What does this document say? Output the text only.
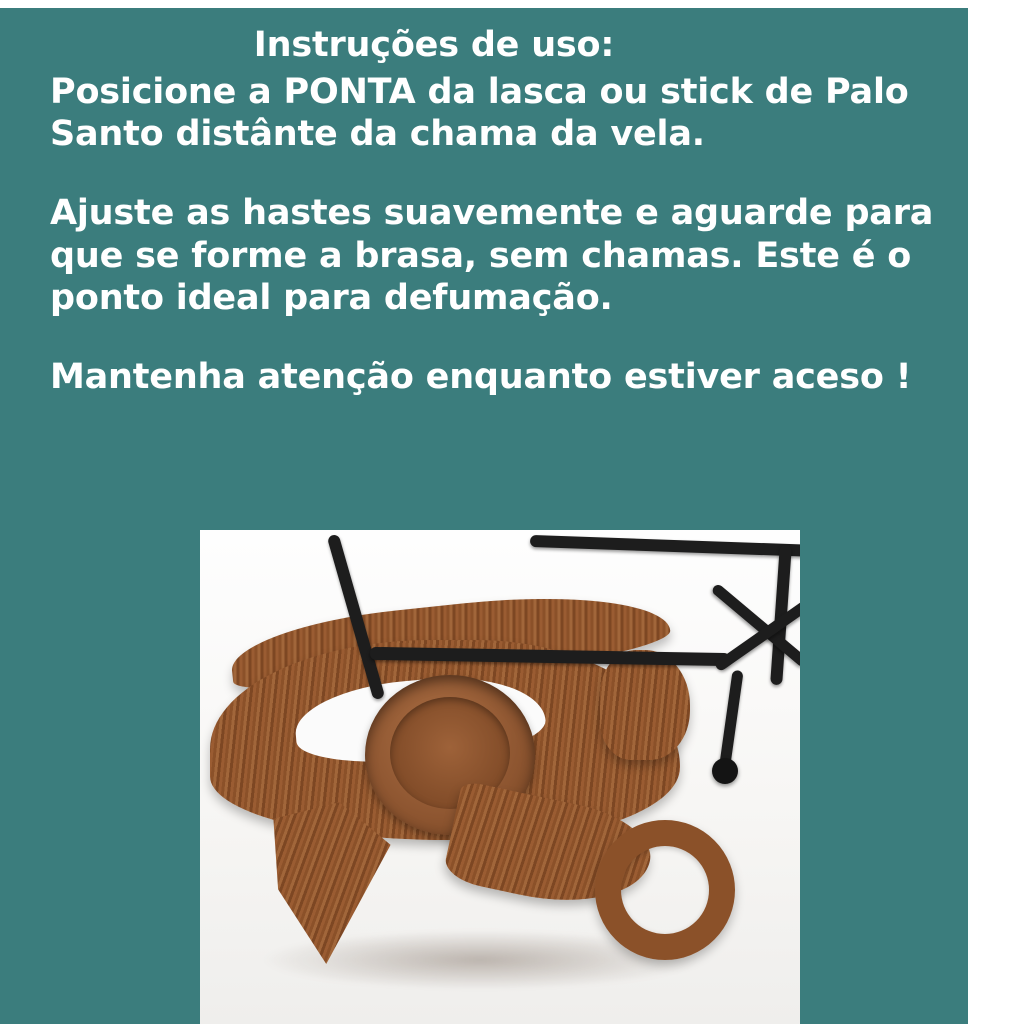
Instruções de uso:
Posicione a PONTA da lasca ou stick de Palo
Santo distânte da chama da vela.
Ajuste as hastes suavemente e aguarde para
que se forme a brasa, sem chamas. Este é o
ponto ideal para defumação.
Mantenha atenção enquanto estiver aceso !
